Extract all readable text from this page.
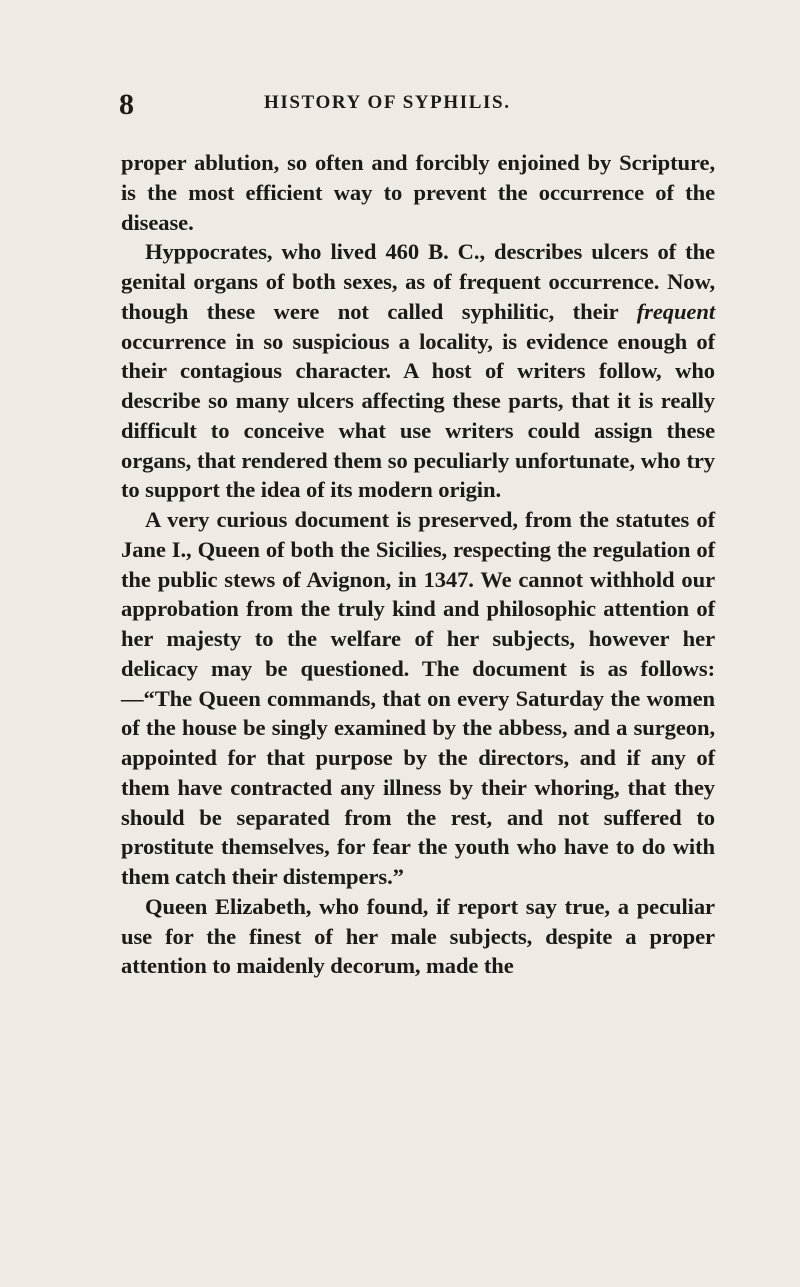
8	HISTORY OF SYPHILIS.

proper ablution, so often and forcibly enjoined by Scripture, is the most efficient way to prevent the occurrence of the disease.

Hyppocrates, who lived 460 B. C., describes ulcers of the genital organs of both sexes, as of frequent occurrence. Now, though these were not called syphilitic, their frequent occurrence in so suspicious a locality, is evidence enough of their contagious character. A host of writers follow, who describe so many ulcers affecting these parts, that it is really difficult to conceive what use writers could assign these organs, that rendered them so peculiarly unfortunate, who try to support the idea of its modern origin.

A very curious document is preserved, from the statutes of Jane I., Queen of both the Sicilies, respecting the regulation of the public stews of Avignon, in 1347. We cannot withhold our approbation from the truly kind and philosophic attention of her majesty to the welfare of her subjects, however her delicacy may be questioned. The document is as follows:—“The Queen commands, that on every Saturday the women of the house be singly examined by the abbess, and a surgeon, appointed for that purpose by the directors, and if any of them have contracted any illness by their whoring, that they should be separated from the rest, and not suffered to prostitute themselves, for fear the youth who have to do with them catch their distempers.”

Queen Elizabeth, who found, if report say true, a peculiar use for the finest of her male subjects, despite a proper attention to maidenly decorum, made the
